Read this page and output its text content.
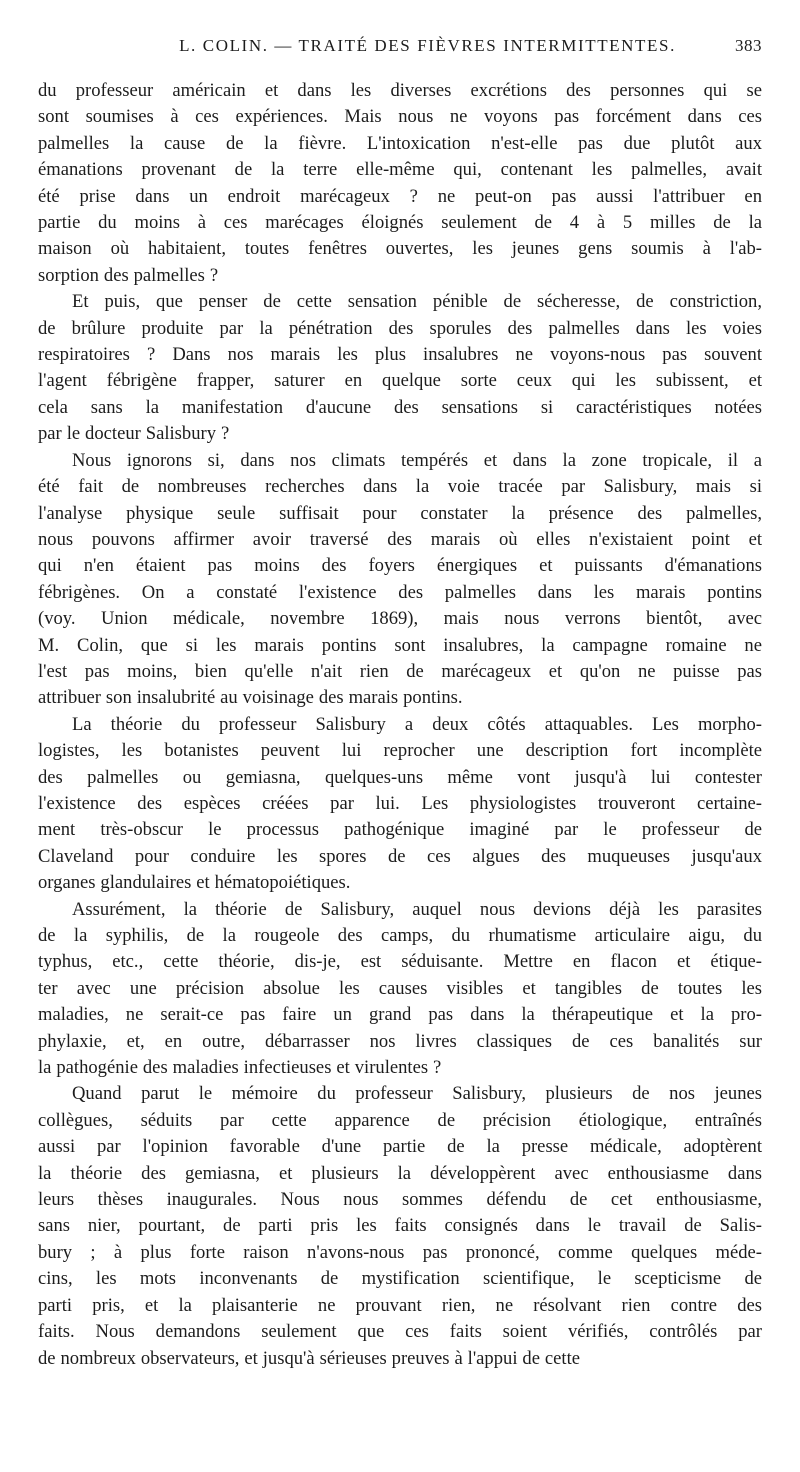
L. COLIN. — TRAITÉ DES FIÈVRES INTERMITTENTES.	383

du professeur américain et dans les diverses excrétions des personnes qui se
sont soumises à ces expériences. Mais nous ne voyons pas forcément dans ces
palmelles la cause de la fièvre. L'intoxication n'est-elle pas due plutôt aux
émanations provenant de la terre elle-même qui, contenant les palmelles, avait
été prise dans un endroit marécageux ? ne peut-on pas aussi l'attribuer en
partie du moins à ces marécages éloignés seulement de 4 à 5 milles de la
maison où habitaient, toutes fenêtres ouvertes, les jeunes gens soumis à l'ab-
sorption des palmelles ?

Et puis, que penser de cette sensation pénible de sécheresse, de constriction,
de brûlure produite par la pénétration des sporules des palmelles dans les voies
respiratoires ? Dans nos marais les plus insalubres ne voyons-nous pas souvent
l'agent fébrigène frapper, saturer en quelque sorte ceux qui les subissent, et
cela sans la manifestation d'aucune des sensations si caractéristiques notées
par le docteur Salisbury ?

Nous ignorons si, dans nos climats tempérés et dans la zone tropicale, il a
été fait de nombreuses recherches dans la voie tracée par Salisbury, mais si
l'analyse physique seule suffisait pour constater la présence des palmelles,
nous pouvons affirmer avoir traversé des marais où elles n'existaient point et
qui n'en étaient pas moins des foyers énergiques et puissants d'émanations
fébrigènes. On a constaté l'existence des palmelles dans les marais pontins
(voy. Union médicale, novembre 1869), mais nous verrons bientôt, avec
M. Colin, que si les marais pontins sont insalubres, la campagne romaine ne
l'est pas moins, bien qu'elle n'ait rien de marécageux et qu'on ne puisse pas
attribuer son insalubrité au voisinage des marais pontins.

La théorie du professeur Salisbury a deux côtés attaquables. Les morpho-
logistes, les botanistes peuvent lui reprocher une description fort incomplète
des palmelles ou gemiasna, quelques-uns même vont jusqu'à lui contester
l'existence des espèces créées par lui. Les physiologistes trouveront certaine-
ment très-obscur le processus pathogénique imaginé par le professeur de
Claveland pour conduire les spores de ces algues des muqueuses jusqu'aux
organes glandulaires et hématopoiétiques.

Assurément, la théorie de Salisbury, auquel nous devions déjà les parasites
de la syphilis, de la rougeole des camps, du rhumatisme articulaire aigu, du
typhus, etc., cette théorie, dis-je, est séduisante. Mettre en flacon et étique-
ter avec une précision absolue les causes visibles et tangibles de toutes les
maladies, ne serait-ce pas faire un grand pas dans la thérapeutique et la pro-
phylaxie, et, en outre, débarrasser nos livres classiques de ces banalités sur
la pathogénie des maladies infectieuses et virulentes ?

Quand parut le mémoire du professeur Salisbury, plusieurs de nos jeunes
collègues, séduits par cette apparence de précision étiologique, entraînés
aussi par l'opinion favorable d'une partie de la presse médicale, adoptèrent
la théorie des gemiasna, et plusieurs la développèrent avec enthousiasme dans
leurs thèses inaugurales. Nous nous sommes défendu de cet enthousiasme,
sans nier, pourtant, de parti pris les faits consignés dans le travail de Salis-
bury ; à plus forte raison n'avons-nous pas prononcé, comme quelques méde-
cins, les mots inconvenants de mystification scientifique, le scepticisme de
parti pris, et la plaisanterie ne prouvant rien, ne résolvant rien contre des
faits. Nous demandons seulement que ces faits soient vérifiés, contrôlés par
de nombreux observateurs, et jusqu'à sérieuses preuves à l'appui de cette
